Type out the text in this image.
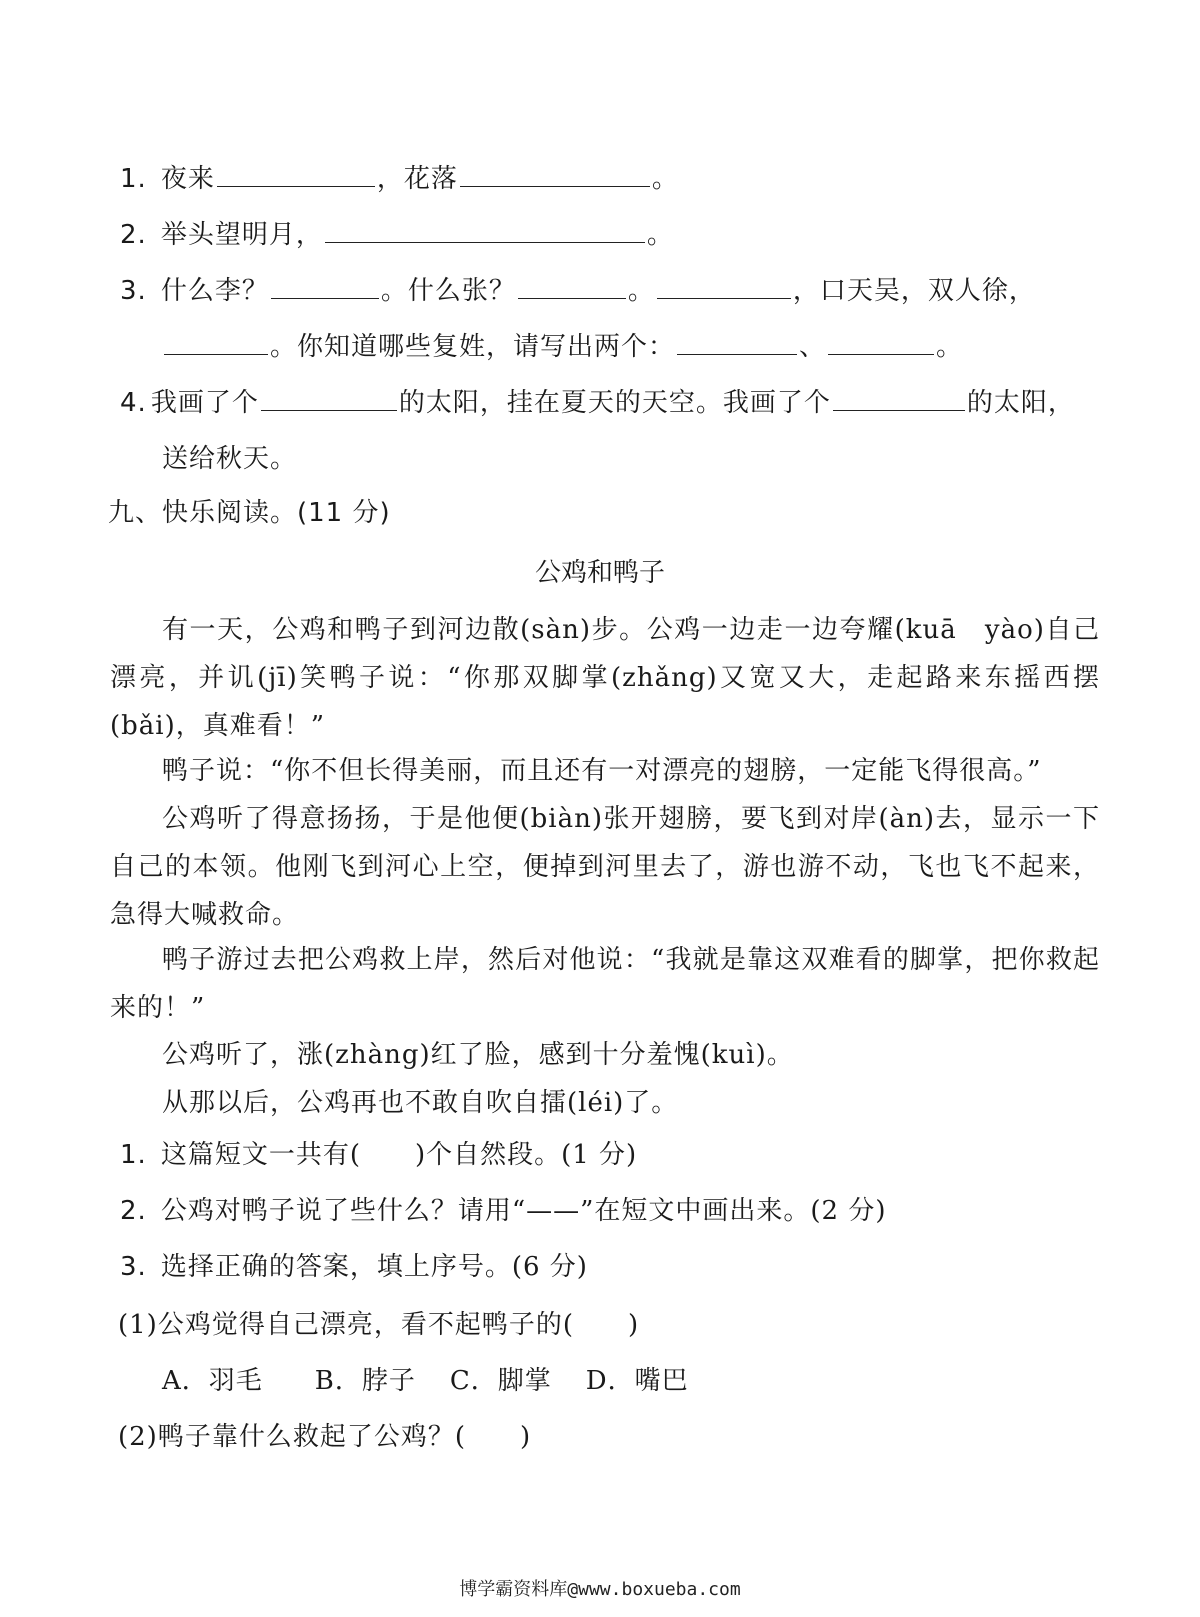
1. 夜来	，花落	。
2. 举头望明月，	。
3. 什么李？	。什么张？	。	，口天吴，双人徐，
。你知道哪些复姓，请写出两个：	、	。
4. 我画了个	的太阳，挂在夏天的天空。我画了个	的太阳，
送给秋天。
九、快乐阅读。(11 分)
公鸡和鸭子
有一天，公鸡和鸭子到河边散(sàn)步。公鸡一边走一边夸耀(kuā　yào)自己漂亮，并讥(jī)笑鸭子说：“你那双脚掌(zhǎng)又宽又大，走起路来东摇西摆(bǎi)，真难看！”
鸭子说：“你不但长得美丽，而且还有一对漂亮的翅膀，一定能飞得很高。”
公鸡听了得意扬扬，于是他便(biàn)张开翅膀，要飞到对岸(àn)去，显示一下自己的本领。他刚飞到河心上空，便掉到河里去了，游也游不动，飞也飞不起来，急得大喊救命。
鸭子游过去把公鸡救上岸，然后对他说：“我就是靠这双难看的脚掌，把你救起来的！”
公鸡听了，涨(zhàng)红了脸，感到十分羞愧(kuì)。
从那以后，公鸡再也不敢自吹自擂(léi)了。
1. 这篇短文一共有(　　)个自然段。(1 分)
2. 公鸡对鸭子说了些什么？请用“——”在短文中画出来。(2 分)
3. 选择正确的答案，填上序号。(6 分)
(1)公鸡觉得自己漂亮，看不起鸭子的(　　)
A．羽毛 B．脖子 C．脚掌 D．嘴巴
(2)鸭子靠什么救起了公鸡？(　　)
博学霸资料库@www.boxueba.com
